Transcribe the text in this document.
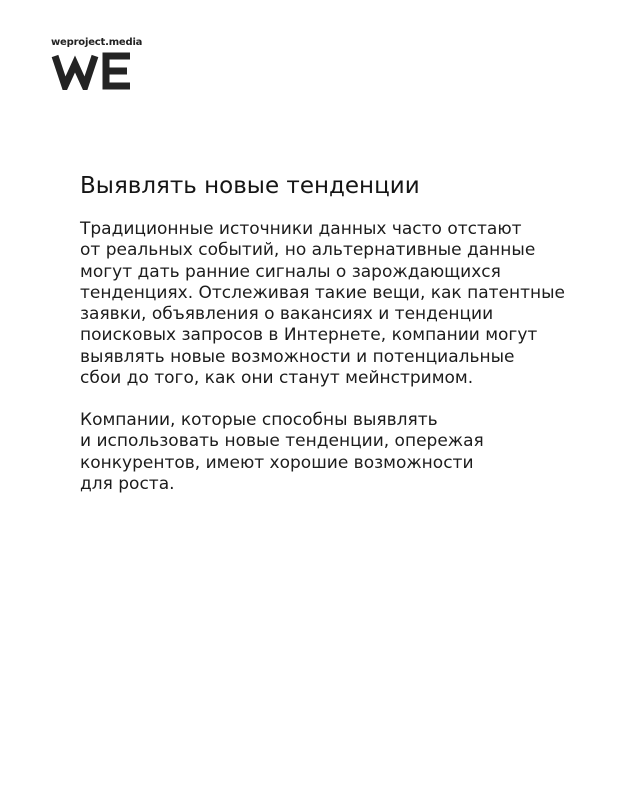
weproject.media
Выявлять новые тенденции

Традиционные источники данных часто отстают
от реальных событий, но альтернативные данные
могут дать ранние сигналы о зарождающихся
тенденциях. Отслеживая такие вещи, как патентные
заявки, объявления о вакансиях и тенденции
поисковых запросов в Интернете, компании могут
выявлять новые возможности и потенциальные
сбои до того, как они станут мейнстримом.

Компании, которые способны выявлять
и использовать новые тенденции, опережая
конкурентов, имеют хорошие возможности
для роста.
